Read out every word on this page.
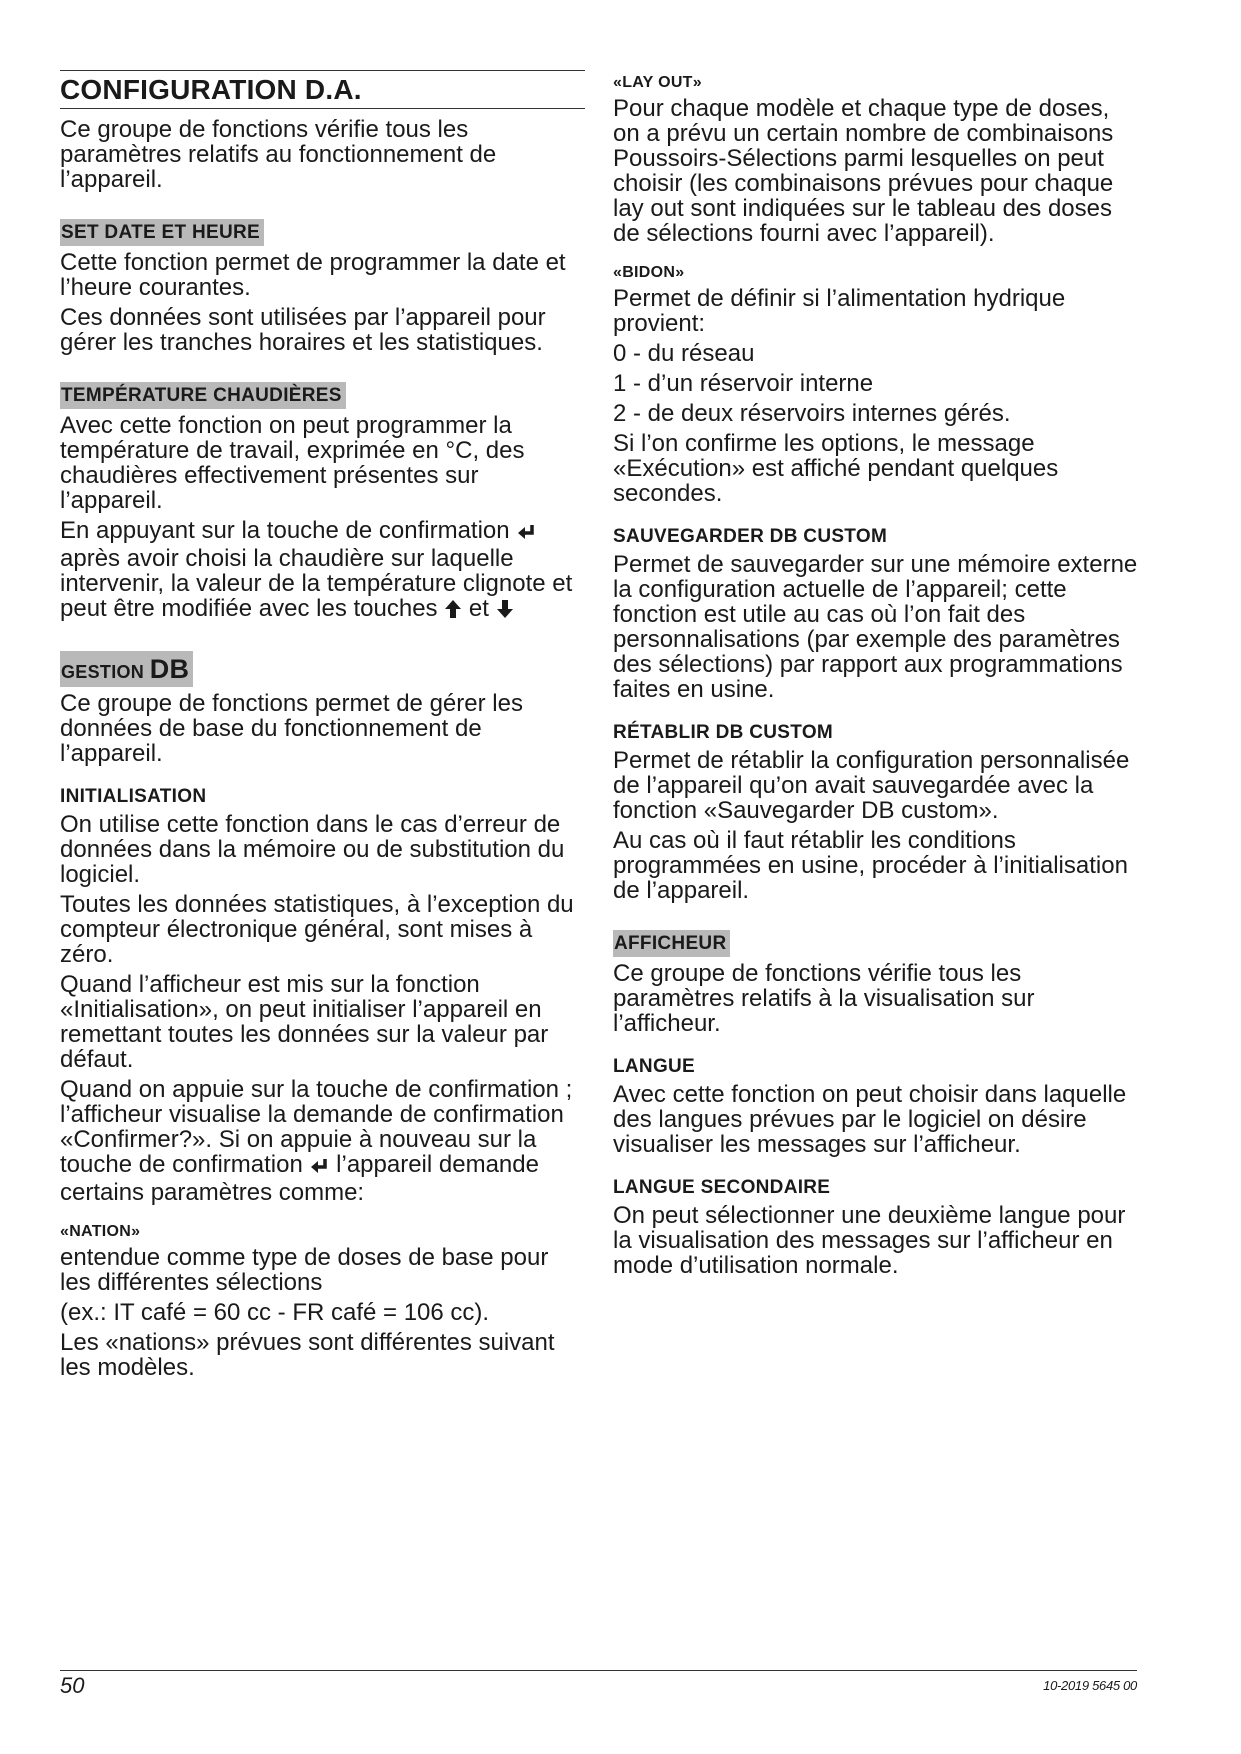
CONFIGURATION D.A.

Ce groupe de fonctions vérifie tous les paramètres relatifs au fonctionnement de l’appareil.

SET DATE ET HEURE

Cette fonction permet de programmer la date et l’heure courantes.

Ces données sont utilisées par l’appareil pour gérer les tranches horaires et les statistiques.

TEMPÉRATURE CHAUDIÈRES

Avec cette fonction on peut programmer la température de travail, exprimée en °C, des chaudières effectivement présentes sur l’appareil.

En appuyant sur la touche de confirmation  après avoir choisi la chaudière sur laquelle intervenir, la valeur de la température clignote et peut être modifiée avec les touches et

GESTION DB

Ce groupe de fonctions permet de gérer les données de base du fonctionnement de l’appareil.

INITIALISATION

On utilise cette fonction dans le cas d’erreur de données dans la mémoire ou de substitution du logiciel.

Toutes les données statistiques, à l’exception du compteur électronique général, sont mises à zéro.

Quand l’afficheur est mis sur la fonction «Initialisation», on peut initialiser l’appareil en remettant toutes les données sur la valeur par défaut.

Quand on appuie sur la touche de confirmation ; l’afficheur visualise la demande de confirmation «Confirmer?». Si on appuie à nouveau sur la touche de confirmation l’appareil demande certains paramètres comme:

«NATION»

entendue comme type de doses de base pour les différentes sélections

(ex.: IT café = 60 cc - FR café = 106 cc).

Les «nations» prévues sont différentes suivant les modèles.

«LAY OUT»

Pour chaque modèle et chaque type de doses, on a prévu un certain nombre de combinaisons Poussoirs-Sélections parmi lesquelles on peut choisir (les combinaisons prévues pour chaque lay out sont indiquées sur le tableau des doses de sélections fourni avec l’appareil).

«BIDON»

Permet de définir si l’alimentation hydrique provient:

0 - du réseau

1 - d’un réservoir interne

2 - de deux réservoirs internes gérés.

Si l’on confirme les options, le message «Exécution» est affiché pendant quelques secondes.

SAUVEGARDER DB CUSTOM

Permet de sauvegarder sur une mémoire externe la configuration actuelle de l’appareil; cette fonction est utile au cas où l’on fait des personnalisations (par exemple des paramètres des sélections) par rapport aux programmations faites en usine.

RÉTABLIR DB CUSTOM

Permet de rétablir la configuration personnalisée de l’appareil qu’on avait sauvegardée avec la fonction «Sauvegarder DB custom».

Au cas où il faut rétablir les conditions programmées en usine, procéder à l’initialisation de l’appareil.

AFFICHEUR

Ce groupe de fonctions vérifie tous les paramètres relatifs à la visualisation sur l’afficheur.

LANGUE

Avec cette fonction on peut choisir dans laquelle des langues prévues par le logiciel on désire visualiser les messages sur l’afficheur.

LANGUE SECONDAIRE

On peut sélectionner une deuxième langue pour la visualisation des messages sur l’afficheur en mode d’utilisation normale.

50	10-2019 5645 00
